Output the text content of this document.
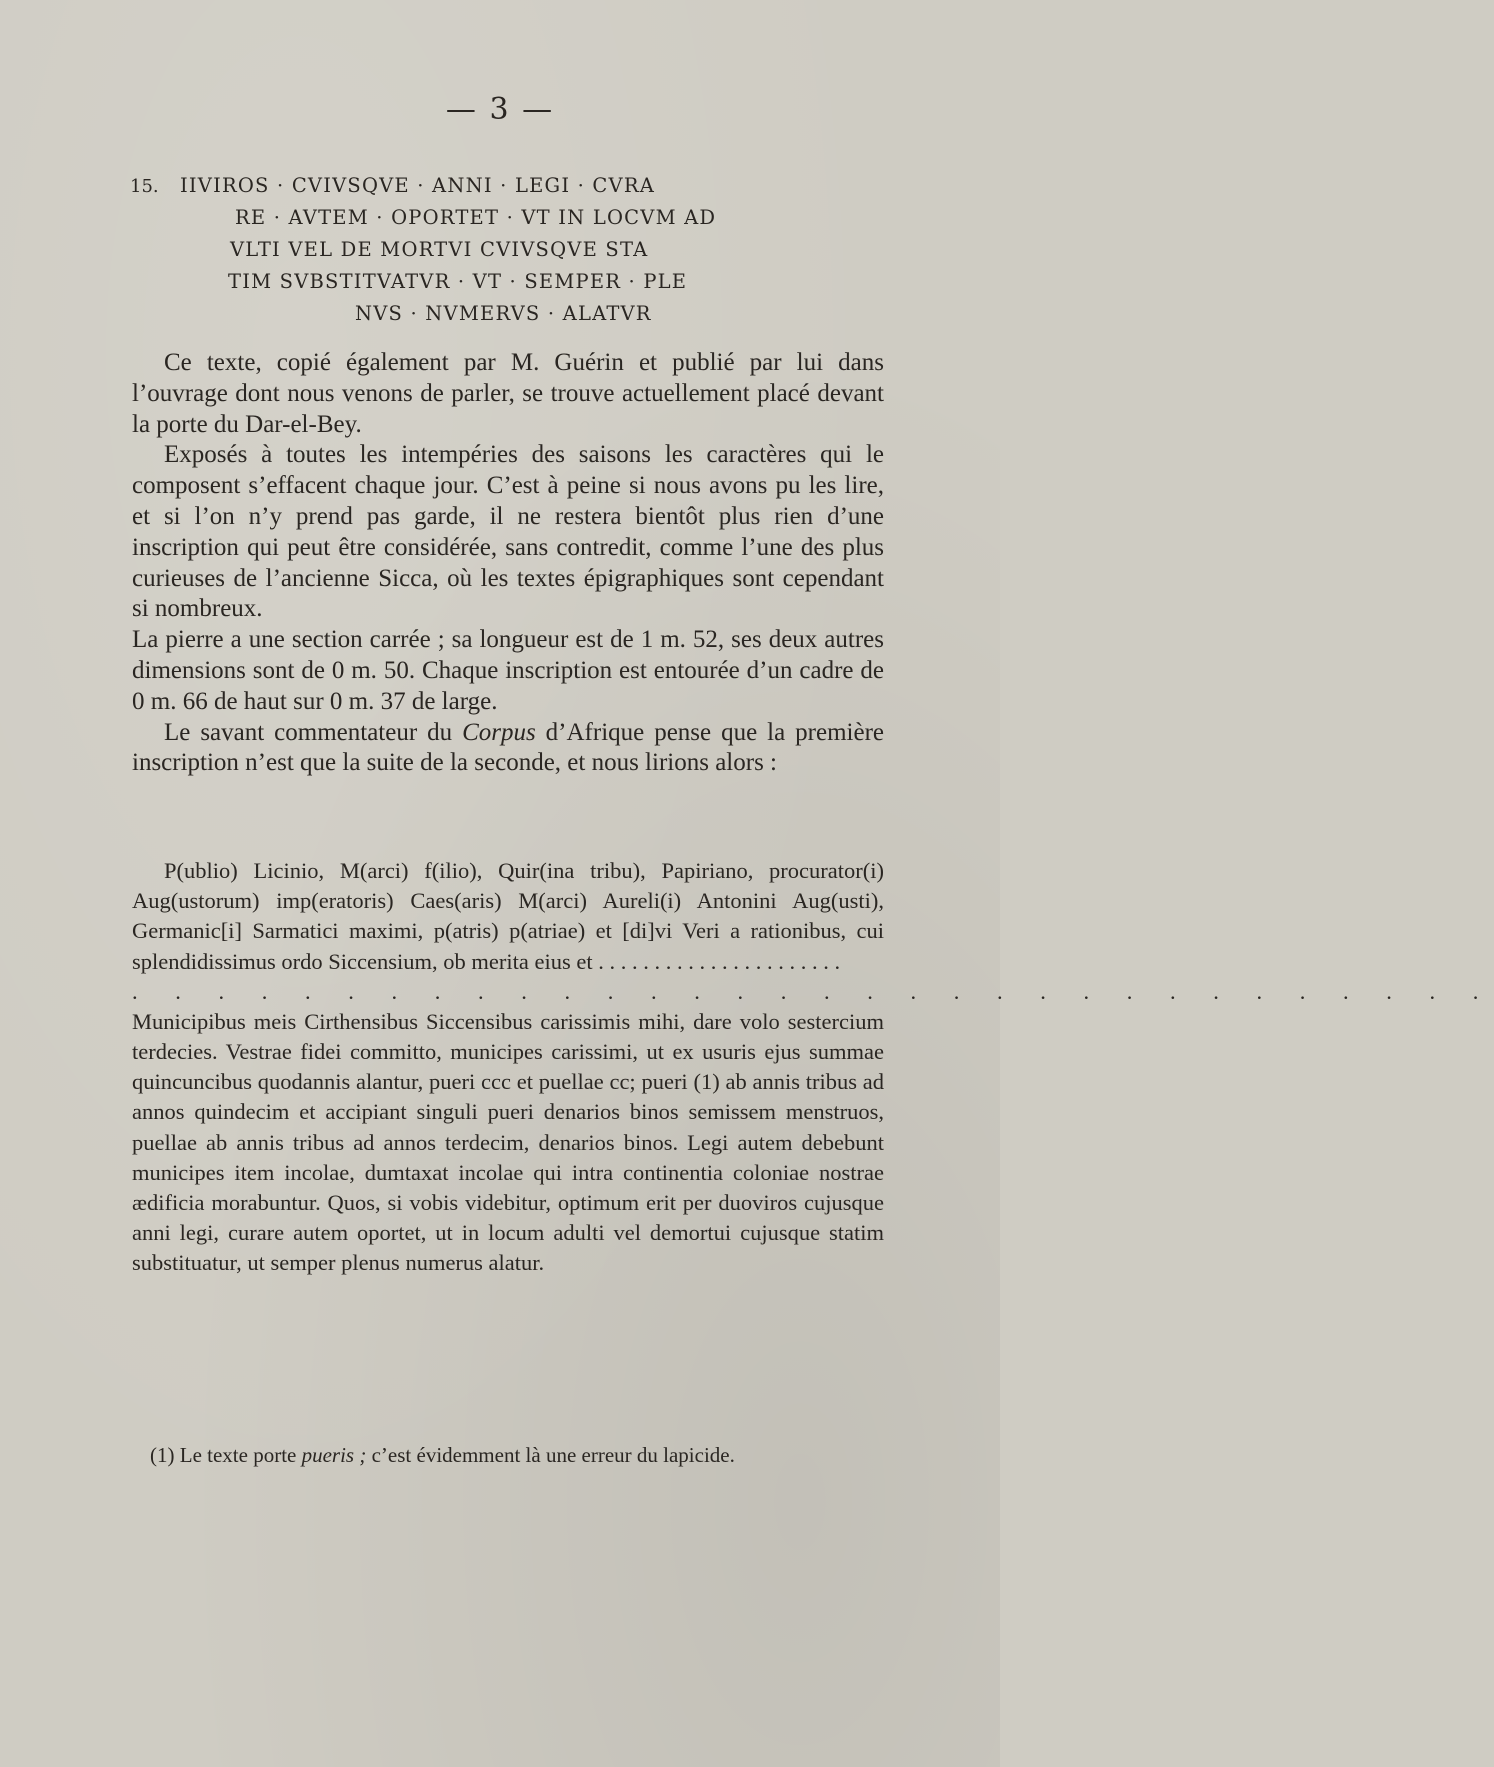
— 3 —
15. IIVIROS · CVIVSQVE · ANNI · LEGI · CVRA
RE · AVTEM · OPORTET · VT IN LOCVM AD
VLTI VEL DE MORTVI CVIVSQVE STA
TIM SVBSTITVATVR · VT · SEMPER · PLE
NVS · NVMERVS · ALATVR

Ce texte, copié également par M. Guérin et publié par lui dans l’ouvrage dont nous venons de parler, se trouve actuellement placé devant la porte du Dar-el-Bey.

Exposés à toutes les intempéries des saisons les caractères qui le composent s’effacent chaque jour. C’est à peine si nous avons pu les lire, et si l’on n’y prend pas garde, il ne restera bientôt plus rien d’une inscription qui peut être considérée, sans contredit, comme l’une des plus curieuses de l’ancienne Sicca, où les textes épigraphiques sont cependant si nombreux.

La pierre a une section carrée ; sa longueur est de 1 m. 52, ses deux autres dimensions sont de 0 m. 50. Chaque inscription est entourée d’un cadre de 0 m. 66 de haut sur 0 m. 37 de large.

Le savant commentateur du Corpus d’Afrique pense que la première inscription n’est que la suite de la seconde, et nous lirions alors :

P(ublio) Licinio, M(arci) f(ilio), Quir(ina tribu), Papiriano, procurator(i) Aug(ustorum) imp(eratoris) Caes(aris) M(arci) Aureli(i) Antonini Aug(usti), Germanic[i] Sarmatici maximi, p(atris) p(atriae) et [di]vi Veri a rationibus, cui splendidissimus ordo Siccensium, ob merita eius et . . . . . . . . . . . . . . . . . . . . . .

. . . . . . . . . . . . . . . . . . . . . . . . . . . . . . . .

Municipibus meis Cirthensibus Siccensibus carissimis mihi, dare volo sestercium terdecies. Vestrae fidei committo, municipes carissimi, ut ex usuris ejus summae quincuncibus quodannis alantur, pueri ccc et puellae cc; pueri (1) ab annis tribus ad annos quindecim et accipiant singuli pueri denarios binos semissem menstruos, puellae ab annis tribus ad annos terdecim, denarios binos. Legi autem debebunt municipes item incolae, dumtaxat incolae qui intra continentia coloniae nostrae ædificia morabuntur. Quos, si vobis videbitur, optimum erit per duoviros cujusque anni legi, curare autem oportet, ut in locum adulti vel demortui cujusque statim substituatur, ut semper plenus numerus alatur.

(1) Le texte porte pueris ; c’est évidemment là une erreur du lapicide.
